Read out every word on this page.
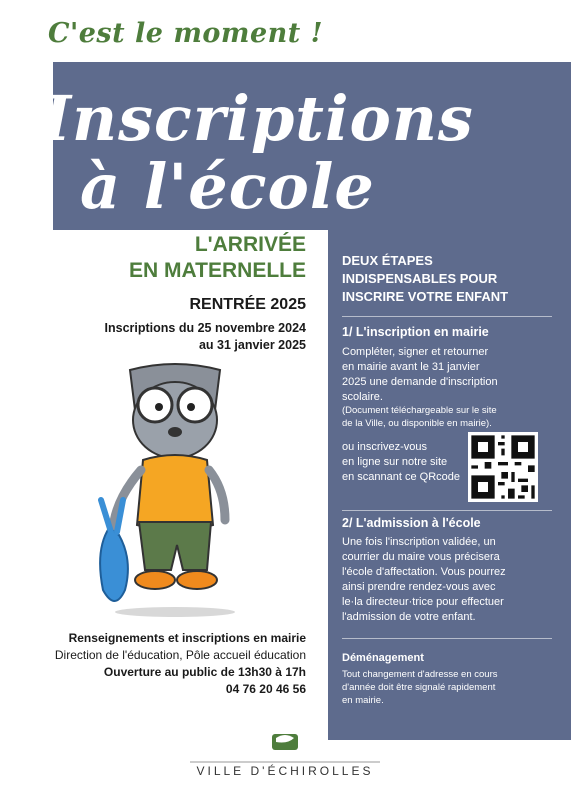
C'est le moment !
Inscriptions
à l'école
L'ARRIVÉE
EN MATERNELLE
RENTRÉE 2025
Inscriptions du 25 novembre 2024
au 31 janvier 2025
Renseignements et inscriptions en mairie
Direction de l'éducation, Pôle accueil éducation
Ouverture au public de 13h30 à 17h
04 76 20 46 56
DEUX ÉTAPES
INDISPENSABLES POUR
INSCRIRE VOTRE ENFANT
1/ L'inscription en mairie
Compléter, signer et retourner
en mairie avant le 31 janvier
2025 une demande d'inscription
scolaire.
(Document téléchargeable sur le site
de la Ville, ou disponible en mairie).
ou inscrivez-vous
en ligne sur notre site
en scannant ce QRcode
2/ L'admission à l'école
Une fois l'inscription validée, un
courrier du maire vous précisera
l'école d'affectation. Vous pourrez
ainsi prendre rendez-vous avec
le·la directeur·trice pour effectuer
l'admission de votre enfant.
Déménagement
Tout changement d'adresse en cours
d'année doit être signalé rapidement
en mairie.
VILLE D'ÉCHIROLLES
